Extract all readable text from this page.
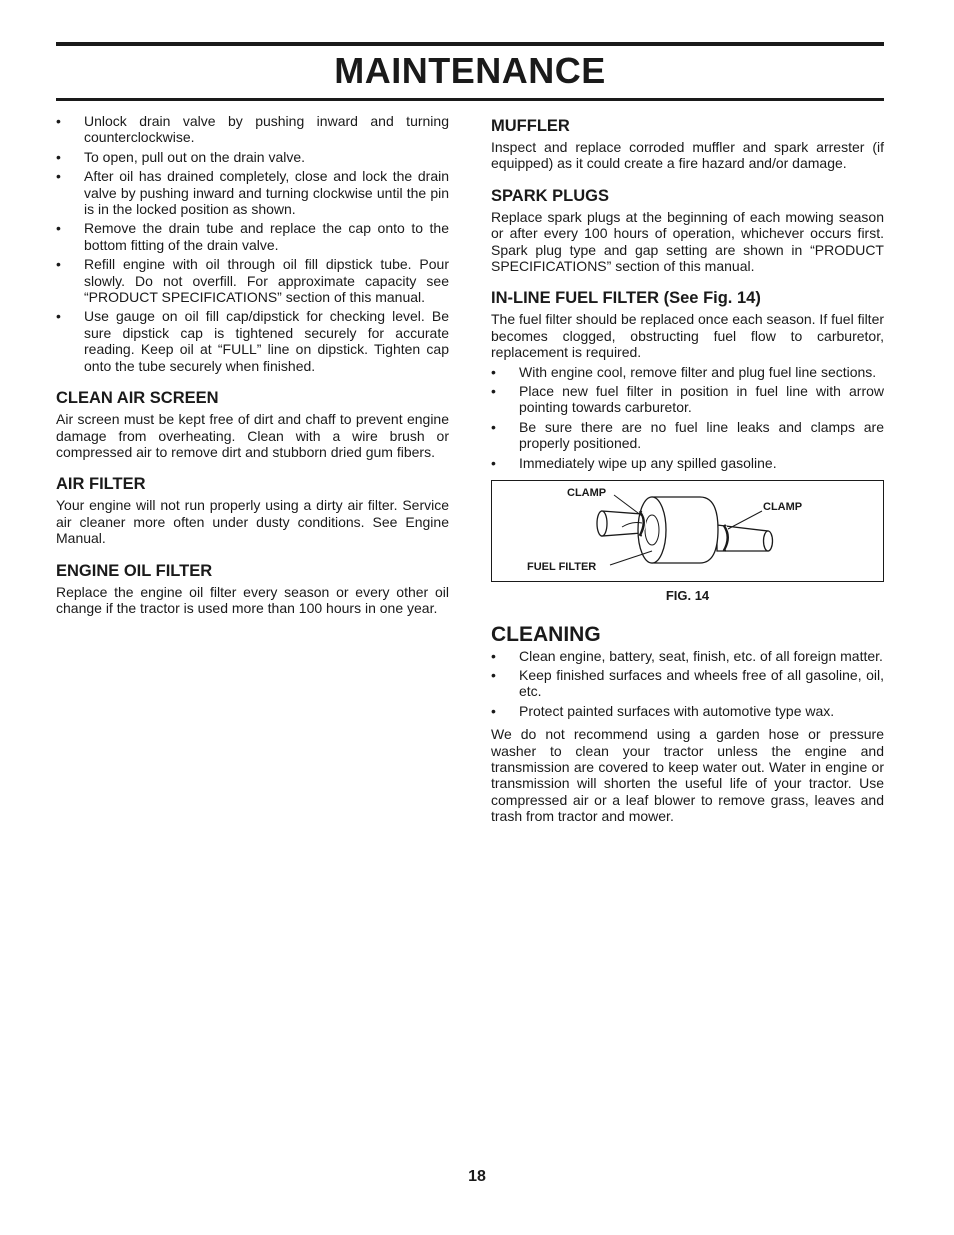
MAINTENANCE
• Unlock drain valve by pushing inward and turning counterclockwise.
• To open, pull out on the drain valve.
• After oil has drained completely, close and lock the drain valve by pushing inward and turning clockwise until the pin is in the locked position as shown.
• Remove the drain tube and replace the cap onto to the bottom fitting of the drain valve.
• Refill engine with oil through oil fill dipstick tube. Pour slowly. Do not overfill. For approximate capacity see “PRODUCT SPECIFICATIONS” section of this manual.
• Use gauge on oil fill cap/dipstick for checking level. Be sure dipstick cap is tightened securely for accurate reading. Keep oil at “FULL” line on dipstick. Tighten cap onto the tube securely when finished.
CLEAN AIR SCREEN

Air screen must be kept free of dirt and chaff to prevent engine damage from overheating. Clean with a wire brush or compressed air to remove dirt and stubborn dried gum fibers.

AIR FILTER

Your engine will not run properly using a dirty air filter. Service air cleaner more often under dusty conditions. See Engine Manual.

ENGINE OIL FILTER

Replace the engine oil filter every season or every other oil change if the tractor is used more than 100 hours in one year.

MUFFLER

Inspect and replace corroded muffler and spark arrester (if equipped) as it could create a fire hazard and/or damage.

SPARK PLUGS

Replace spark plugs at the beginning of each mowing season or after every 100 hours of operation, whichever occurs first. Spark plug type and gap setting are shown in “PRODUCT SPECIFICATIONS” section of this manual.

IN-LINE FUEL FILTER (See Fig. 14)

The fuel filter should be replaced once each season. If fuel filter becomes clogged, obstructing fuel flow to carburetor, replacement is required.

• With engine cool, remove filter and plug fuel line sections.
• Place new fuel filter in position in fuel line with arrow pointing towards carburetor.
• Be sure there are no fuel line leaks and clamps are properly positioned.
• Immediately wipe up any spilled gasoline.
CLAMP
CLAMP
FUEL FILTER
FIG. 14
CLEANING
• Clean engine, battery, seat, finish, etc. of all foreign matter.
• Keep finished surfaces and wheels free of all gasoline, oil, etc.
• Protect painted surfaces with automotive type wax.

We do not recommend using a garden hose or pressure washer to clean your tractor unless the engine and transmission are covered to keep water out. Water in engine or transmission will shorten the useful life of your tractor. Use compressed air or a leaf blower to remove grass, leaves and trash from tractor and mower.

18
